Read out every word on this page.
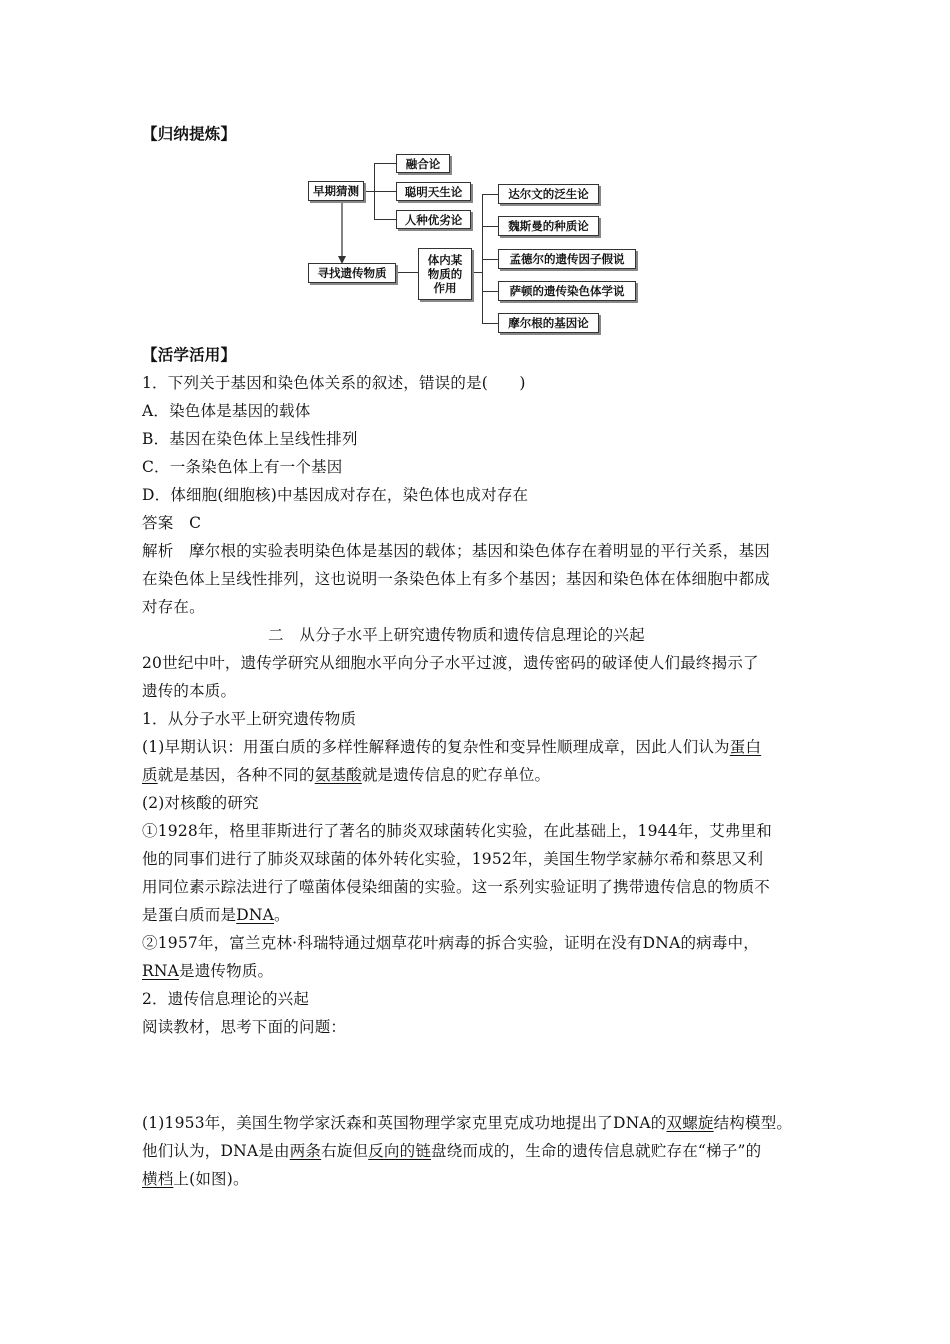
【归纳提炼】
早期猜测
融合论
聪明天生论
人种优劣论
寻找遗传物质
体内某
物质的
作用
达尔文的泛生论
魏斯曼的种质论
孟德尔的遗传因子假说
萨顿的遗传染色体学说
摩尔根的基因论
【活学活用】
1．下列关于基因和染色体关系的叙述，错误的是(　　)
A．染色体是基因的载体
B．基因在染色体上呈线性排列
C．一条染色体上有一个基因
D．体细胞(细胞核)中基因成对存在，染色体也成对存在
答案　C
解析　摩尔根的实验表明染色体是基因的载体；基因和染色体存在着明显的平行关系，基因
在染色体上呈线性排列，这也说明一条染色体上有多个基因；基因和染色体在体细胞中都成
对存在。
二　从分子水平上研究遗传物质和遗传信息理论的兴起
20世纪中叶，遗传学研究从细胞水平向分子水平过渡，遗传密码的破译使人们最终揭示了
遗传的本质。
1．从分子水平上研究遗传物质
(1)早期认识：用蛋白质的多样性解释遗传的复杂性和变异性顺理成章，因此人们认为蛋白
质就是基因，各种不同的氨基酸就是遗传信息的贮存单位。
(2)对核酸的研究
①1928年，格里菲斯进行了著名的肺炎双球菌转化实验，在此基础上，1944年，艾弗里和
他的同事们进行了肺炎双球菌的体外转化实验，1952年，美国生物学家赫尔希和蔡思又利
用同位素示踪法进行了噬菌体侵染细菌的实验。这一系列实验证明了携带遗传信息的物质不
是蛋白质而是DNA。
②1957年，富兰克林·科瑞特通过烟草花叶病毒的拆合实验，证明在没有DNA的病毒中，
RNA是遗传物质。
2．遗传信息理论的兴起
阅读教材，思考下面的问题：
(1)1953年，美国生物学家沃森和英国物理学家克里克成功地提出了DNA的双螺旋结构模型。
他们认为，DNA是由两条右旋但反向的链盘绕而成的，生命的遗传信息就贮存在“梯子”的
横档上(如图)。
